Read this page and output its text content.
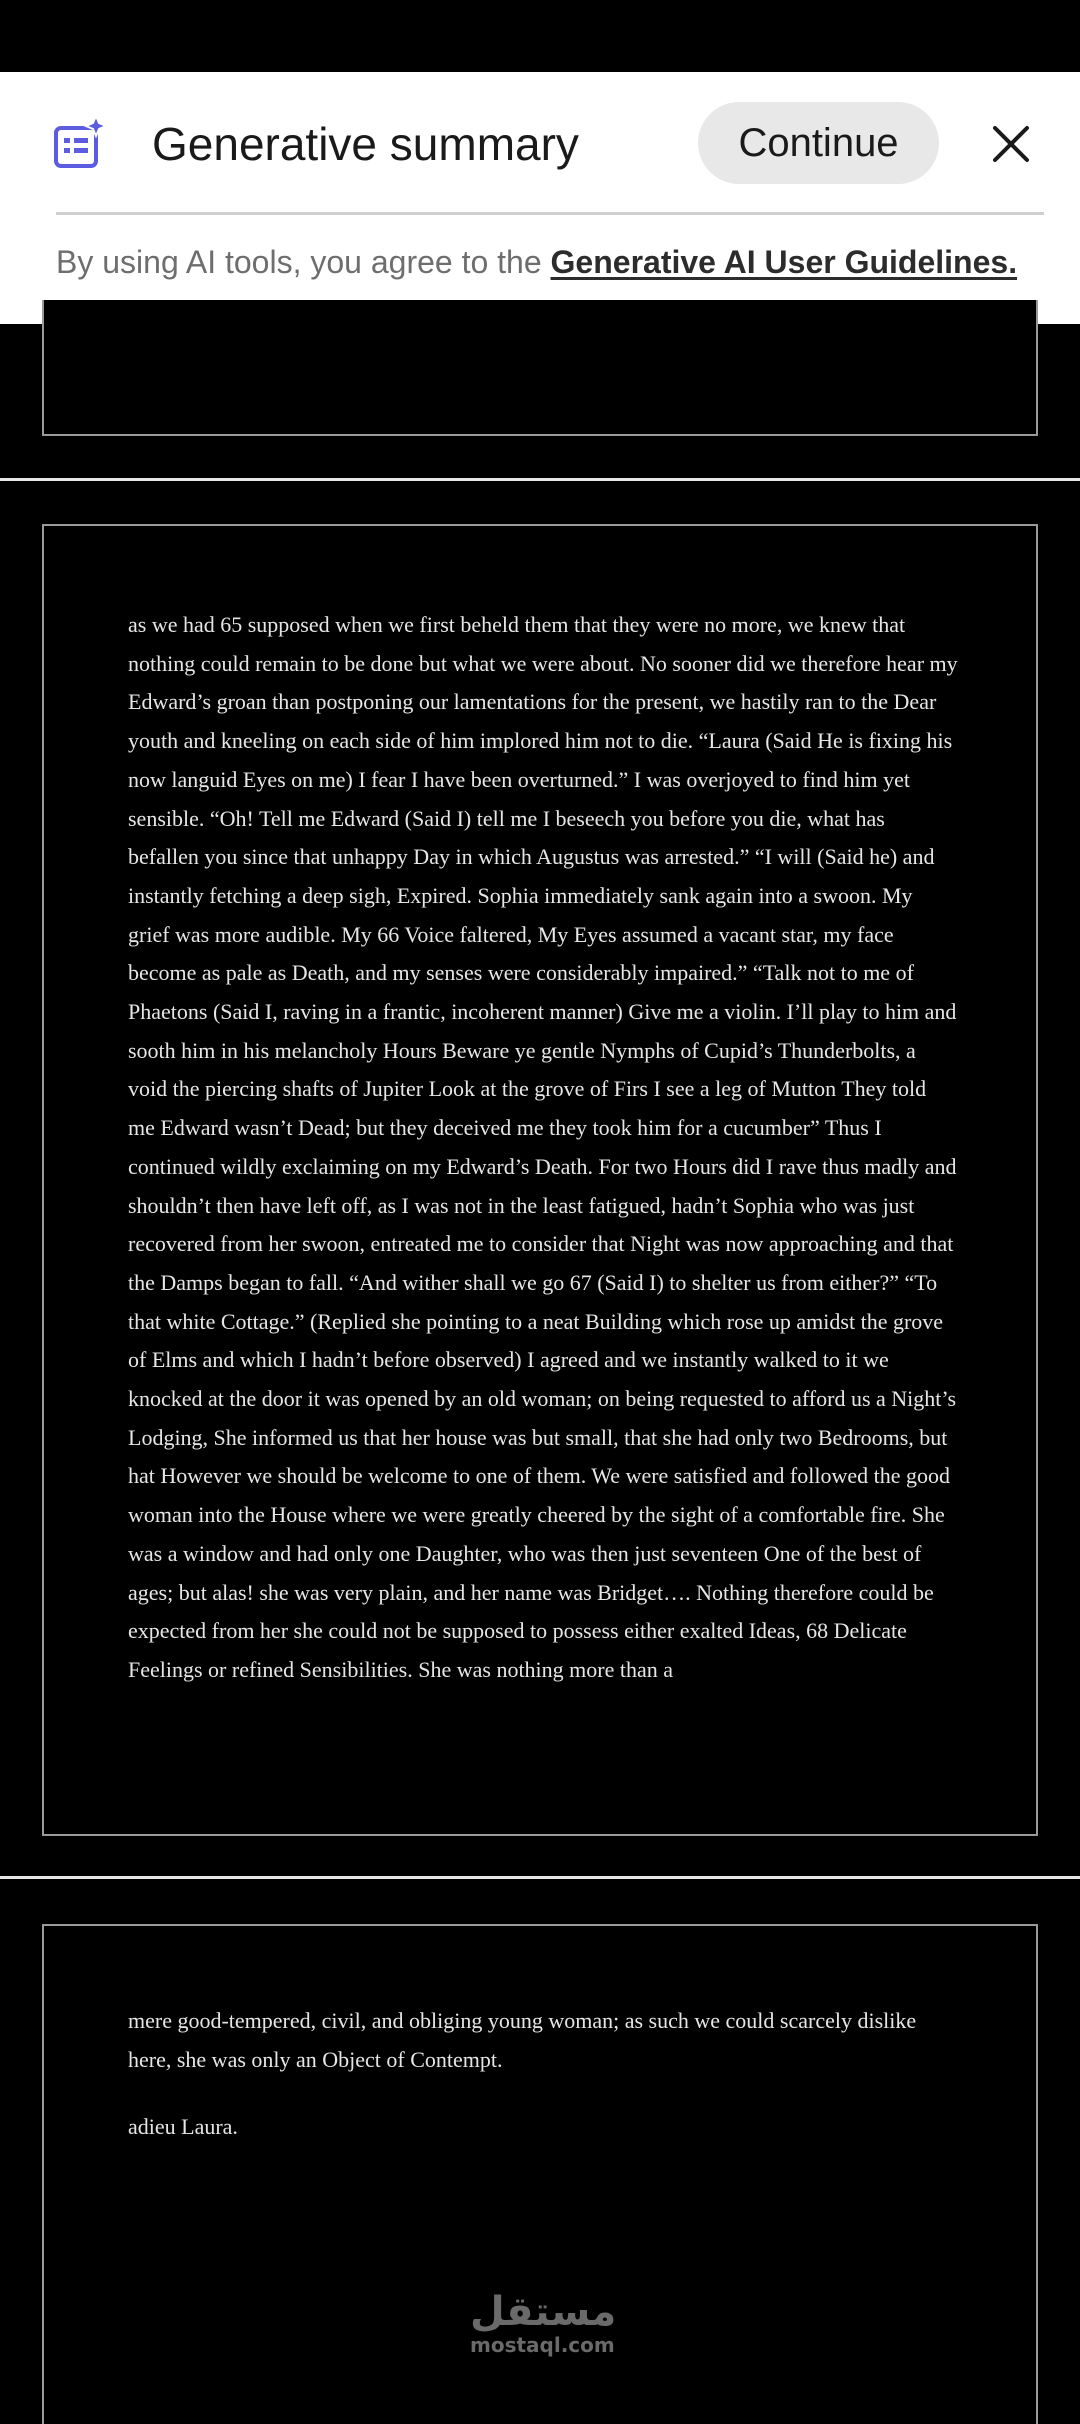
Generative summary	Continue
By using AI tools, you agree to the Generative AI User Guidelines.

as we had 65 supposed when we first beheld them that they were no more, we knew that nothing could remain to be done but what we were about. No sooner did we therefore hear my Edward’s groan than postponing our lamentations for the present, we hastily ran to the Dear youth and kneeling on each side of him implored him not to die. “Laura (Said He is fixing his now languid Eyes on me) I fear I have been overturned.” I was overjoyed to find him yet sensible. “Oh! Tell me Edward (Said I) tell me I beseech you before you die, what has befallen you since that unhappy Day in which Augustus was arrested.” “I will (Said he) and instantly fetching a deep sigh, Expired. Sophia immediately sank again into a swoon. My grief was more audible. My 66 Voice faltered, My Eyes assumed a vacant star, my face become as pale as Death, and my senses were considerably impaired.” “Talk not to me of Phaetons (Said I, raving in a frantic, incoherent manner) Give me a violin. I’ll play to him and sooth him in his melancholy Hours Beware ye gentle Nymphs of Cupid’s Thunderbolts, a void the piercing shafts of Jupiter Look at the grove of Firs I see a leg of Mutton They told me Edward wasn’t Dead; but they deceived me they took him for a cucumber” Thus I continued wildly exclaiming on my Edward’s Death. For two Hours did I rave thus madly and shouldn’t then have left off, as I was not in the least fatigued, hadn’t Sophia who was just recovered from her swoon, entreated me to consider that Night was now approaching and that the Damps began to fall. “And wither shall we go 67 (Said I) to shelter us from either?” “To that white Cottage.” (Replied she pointing to a neat Building which rose up amidst the grove of Elms and which I hadn’t before observed) I agreed and we instantly walked to it we knocked at the door it was opened by an old woman; on being requested to afford us a Night’s Lodging, She informed us that her house was but small, that she had only two Bedrooms, but hat However we should be welcome to one of them. We were satisfied and followed the good woman into the House where we were greatly cheered by the sight of a comfortable fire. She was a window and had only one Daughter, who was then just seventeen One of the best of ages; but alas! she was very plain, and her name was Bridget…. Nothing therefore could be expected from her she could not be supposed to possess either exalted Ideas, 68 Delicate Feelings or refined Sensibilities. She was nothing more than a

mere good-tempered, civil, and obliging young woman; as such we could scarcely dislike here, she was only an Object of Contempt.

adieu Laura.

مستقل
mostaql.com
